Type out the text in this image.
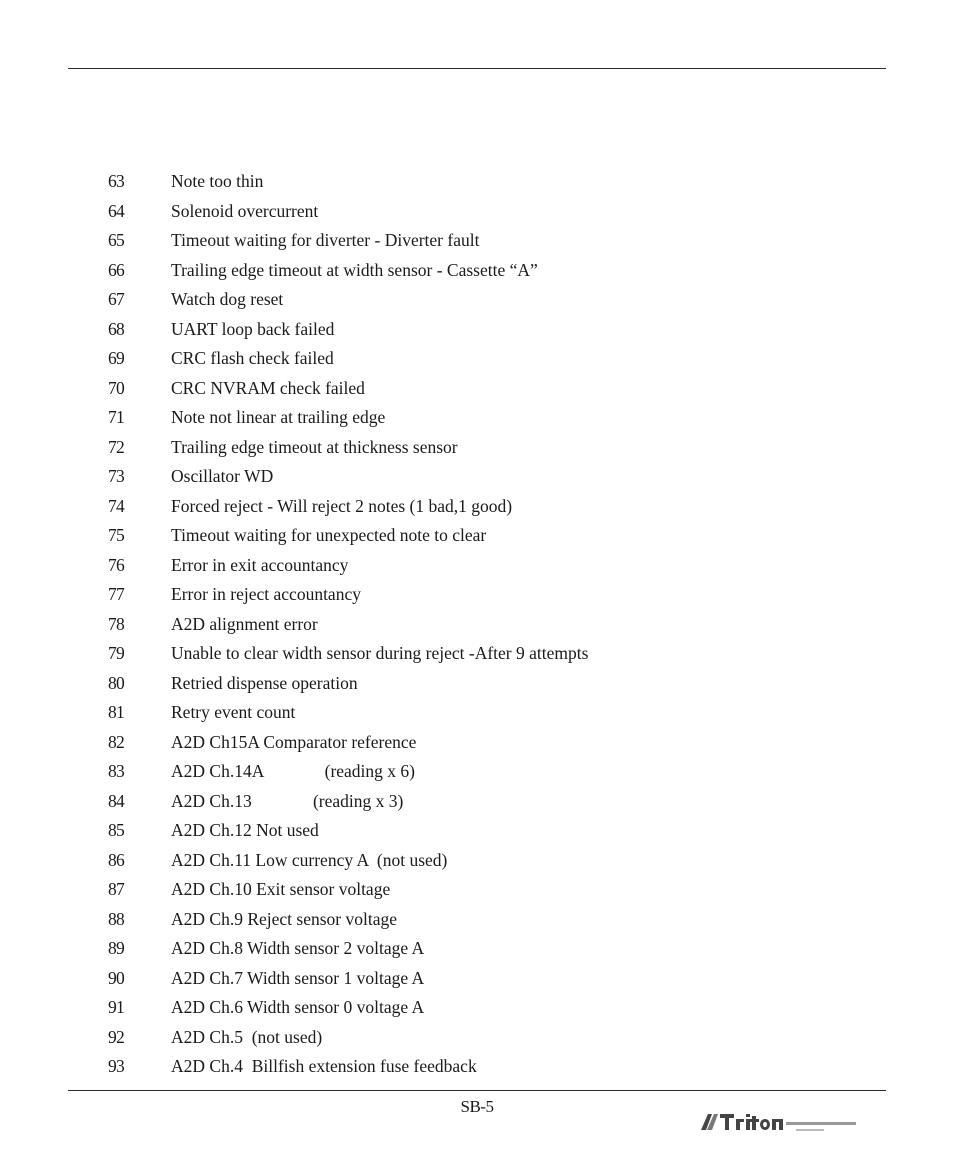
63	Note too thin
64	Solenoid overcurrent
65	Timeout waiting for diverter - Diverter fault
66	Trailing edge timeout at width sensor - Cassette “A”
67	Watch dog reset
68	UART loop back failed
69	CRC flash check failed
70	CRC NVRAM check failed
71	Note not linear at trailing edge
72	Trailing edge timeout at thickness sensor
73	Oscillator WD
74	Forced reject - Will reject 2 notes (1 bad,1 good)
75	Timeout waiting for unexpected note to clear
76	Error in exit accountancy
77	Error in reject accountancy
78	A2D alignment error
79	Unable to clear width sensor during reject -After 9 attempts
80	Retried dispense operation
81	Retry event count
82	A2D Ch15A Comparator reference
83	A2D Ch.14A              (reading x 6)
84	A2D Ch.13              (reading x 3)
85	A2D Ch.12 Not used
86	A2D Ch.11 Low currency A  (not used)
87	A2D Ch.10 Exit sensor voltage
88	A2D Ch.9 Reject sensor voltage
89	A2D Ch.8 Width sensor 2 voltage A
90	A2D Ch.7 Width sensor 1 voltage A
91	A2D Ch.6 Width sensor 0 voltage A
92	A2D Ch.5  (not used)
93	A2D Ch.4  Billfish extension fuse feedback
SB-5
